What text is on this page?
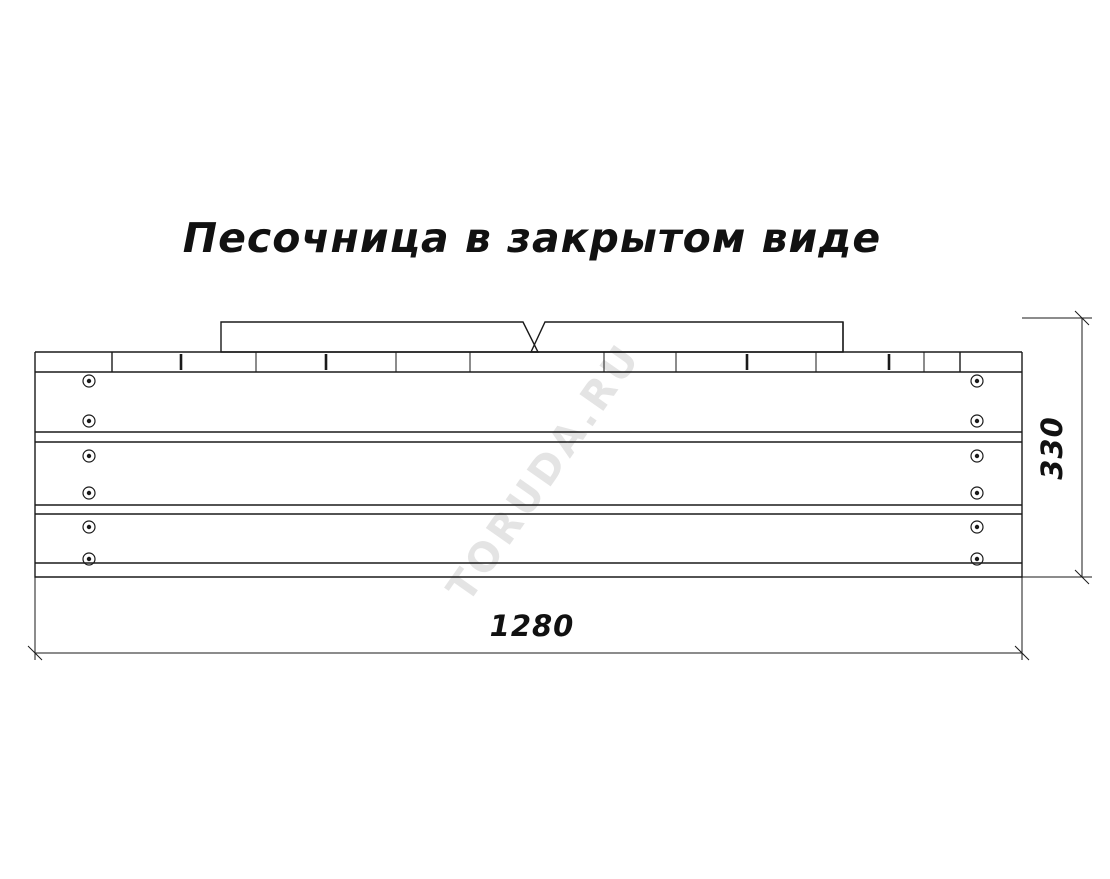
TORUDA.RU
Песочница в закрытом виде
330
1280
